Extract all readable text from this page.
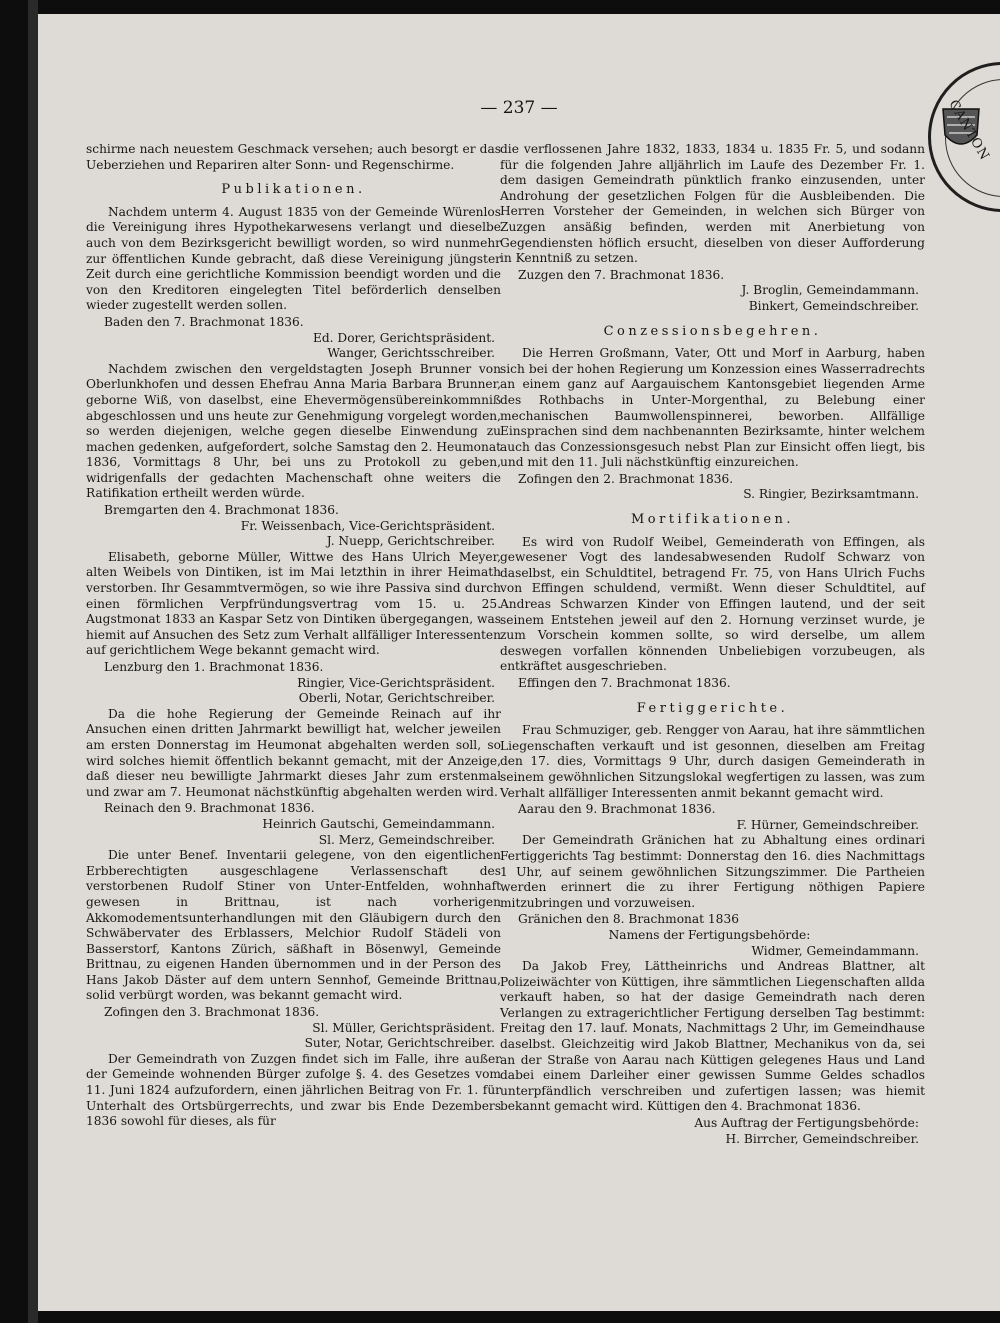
— 237 —	CANTON

schirme nach neuestem Geschmack versehen; auch besorgt er das Ueberziehen und Repariren alter Sonn- und Regenschirme.

Publikationen.

Nachdem unterm 4. August 1835 von der Gemeinde Würenlos die Vereinigung ihres Hypothekarwesens verlangt und dieselbe auch von dem Bezirksgericht bewilligt worden, so wird nunmehr zur öffentlichen Kunde gebracht, daß diese Vereinigung jüngster Zeit durch eine gerichtliche Kommission beendigt worden und die von den Kreditoren eingelegten Titel beförderlich denselben wieder zugestellt werden sollen.

Baden den 7. Brachmonat 1836.

Ed. Dorer, Gerichtspräsident.

Wanger, Gerichtsschreiber.

Nachdem zwischen den vergeldstagten Joseph Brunner von Oberlunkhofen und dessen Ehefrau Anna Maria Barbara Brunner, geborne Wiß, von daselbst, eine Ehevermögensübereinkommniß abgeschlossen und uns heute zur Genehmigung vorgelegt worden, so werden diejenigen, welche gegen dieselbe Einwendung zu machen gedenken, aufgefordert, solche Samstag den 2. Heumonat 1836, Vormittags 8 Uhr, bei uns zu Protokoll zu geben, widrigenfalls der gedachten Machenschaft ohne weiters die Ratifikation ertheilt werden würde.

Bremgarten den 4. Brachmonat 1836.

Fr. Weissenbach, Vice-Gerichtspräsident.

J. Nuepp, Gerichtschreiber.

Elisabeth, geborne Müller, Wittwe des Hans Ulrich Meyer, alten Weibels von Dintiken, ist im Mai letzthin in ihrer Heimath verstorben. Ihr Gesammtvermögen, so wie ihre Passiva sind durch einen förmlichen Verpfründungsvertrag vom 15. u. 25. Augstmonat 1833 an Kaspar Setz von Dintiken übergegangen, was hiemit auf Ansuchen des Setz zum Verhalt allfälliger Interessenten auf gerichtlichem Wege bekannt gemacht wird.

Lenzburg den 1. Brachmonat 1836.

Ringier, Vice-Gerichtspräsident.

Oberli, Notar, Gerichtschreiber.

Da die hohe Regierung der Gemeinde Reinach auf ihr Ansuchen einen dritten Jahrmarkt bewilligt hat, welcher jeweilen am ersten Donnerstag im Heumonat abgehalten werden soll, so wird solches hiemit öffentlich bekannt gemacht, mit der Anzeige, daß dieser neu bewilligte Jahrmarkt dieses Jahr zum erstenmal und zwar am 7. Heumonat nächstkünftig abgehalten werden wird.

Reinach den 9. Brachmonat 1836.

Heinrich Gautschi, Gemeindammann.

Sl. Merz, Gemeindschreiber.

Die unter Benef. Inventarii gelegene, von den eigentlichen Erbberechtigten ausgeschlagene Verlassenschaft des verstorbenen Rudolf Stiner von Unter-Entfelden, wohnhaft gewesen in Brittnau, ist nach vorherigen Akkomodementsunterhandlungen mit den Gläubigern durch den Schwäbervater des Erblassers, Melchior Rudolf Städeli von Basserstorf, Kantons Zürich, säßhaft in Bösenwyl, Gemeinde Brittnau, zu eigenen Handen übernommen und in der Person des Hans Jakob Däster auf dem untern Sennhof, Gemeinde Brittnau, solid verbürgt worden, was bekannt gemacht wird.

Zofingen den 3. Brachmonat 1836.

Sl. Müller, Gerichtspräsident.

Suter, Notar, Gerichtschreiber.

Der Gemeindrath von Zuzgen findet sich im Falle, ihre außer der Gemeinde wohnenden Bürger zufolge §. 4. des Gesetzes vom 11. Juni 1824 aufzufordern, einen jährlichen Beitrag von Fr. 1. für Unterhalt des Ortsbürgerrechts, und zwar bis Ende Dezembers 1836 sowohl für dieses, als für

die verflossenen Jahre 1832, 1833, 1834 u. 1835 Fr. 5, und sodann für die folgenden Jahre alljährlich im Laufe des Dezember Fr. 1. dem dasigen Gemeindrath pünktlich franko einzusenden, unter Androhung der gesetzlichen Folgen für die Ausbleibenden. Die Herren Vorsteher der Gemeinden, in welchen sich Bürger von Zuzgen ansäßig befinden, werden mit Anerbietung von Gegendiensten höflich ersucht, dieselben von dieser Aufforderung in Kenntniß zu setzen.

Zuzgen den 7. Brachmonat 1836.

J. Broglin, Gemeindammann.

Binkert, Gemeindschreiber.

Conzessionsbegehren.

Die Herren Großmann, Vater, Ott und Morf in Aarburg, haben sich bei der hohen Regierung um Konzession eines Wasserradrechts an einem ganz auf Aargauischem Kantonsgebiet liegenden Arme des Rothbachs in Unter-Morgenthal, zu Belebung einer mechanischen Baumwollenspinnerei, beworben. Allfällige Einsprachen sind dem nachbenannten Bezirksamte, hinter welchem auch das Conzessionsgesuch nebst Plan zur Einsicht offen liegt, bis und mit den 11. Juli nächstkünftig einzureichen.

Zofingen den 2. Brachmonat 1836.

S. Ringier, Bezirksamtmann.

Mortifikationen.

Es wird von Rudolf Weibel, Gemeinderath von Effingen, als gewesener Vogt des landesabwesenden Rudolf Schwarz von daselbst, ein Schuldtitel, betragend Fr. 75, von Hans Ulrich Fuchs von Effingen schuldend, vermißt. Wenn dieser Schuldtitel, auf Andreas Schwarzen Kinder von Effingen lautend, und der seit seinem Entstehen jeweil auf den 2. Hornung verzinset wurde, je zum Vorschein kommen sollte, so wird derselbe, um allem deswegen vorfallen könnenden Unbeliebigen vorzubeugen, als entkräftet ausgeschrieben.

Effingen den 7. Brachmonat 1836.

Fertiggerichte.

Frau Schmuziger, geb. Rengger von Aarau, hat ihre sämmtlichen Liegenschaften verkauft und ist gesonnen, dieselben am Freitag den 17. dies, Vormittags 9 Uhr, durch dasigen Gemeinderath in seinem gewöhnlichen Sitzungslokal wegfertigen zu lassen, was zum Verhalt allfälliger Interessenten anmit bekannt gemacht wird.

Aarau den 9. Brachmonat 1836.

F. Hürner, Gemeindschreiber.

Der Gemeindrath Gränichen hat zu Abhaltung eines ordinari Fertiggerichts Tag bestimmt: Donnerstag den 16. dies Nachmittags 1 Uhr, auf seinem gewöhnlichen Sitzungszimmer. Die Partheien werden erinnert die zu ihrer Fertigung nöthigen Papiere mitzubringen und vorzuweisen.

Gränichen den 8. Brachmonat 1836

Namens der Fertigungsbehörde:

Widmer, Gemeindammann.

Da Jakob Frey, Lättheinrichs und Andreas Blattner, alt Polizeiwächter von Küttigen, ihre sämmtlichen Liegenschaften allda verkauft haben, so hat der dasige Gemeindrath nach deren Verlangen zu extragerichtlicher Fertigung derselben Tag bestimmt: Freitag den 17. lauf. Monats, Nachmittags 2 Uhr, im Gemeindhause daselbst. Gleichzeitig wird Jakob Blattner, Mechanikus von da, sei an der Straße von Aarau nach Küttigen gelegenes Haus und Land dabei einem Darleiher einer gewissen Summe Geldes schadlos unterpfändlich verschreiben und zufertigen lassen; was hiemit bekannt gemacht wird. Küttigen den 4. Brachmonat 1836.

Aus Auftrag der Fertigungsbehörde:

H. Birrcher, Gemeindschreiber.
